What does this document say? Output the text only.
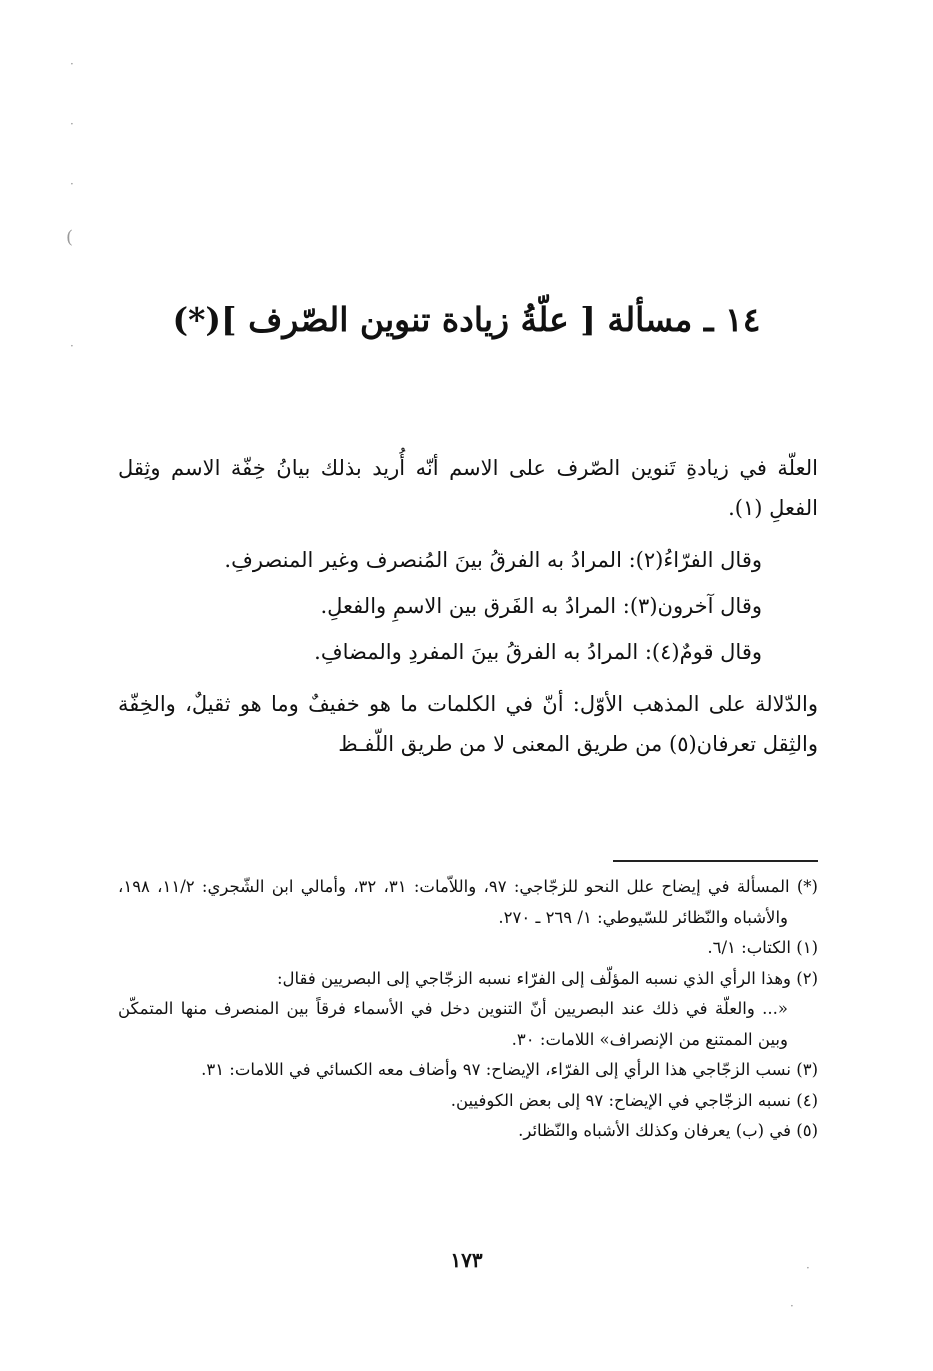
·
·
·
)
·
·
·
١٤ ـ مسألة [ علّةُ زيادة تنوين الصّرف ](*)

العلّة في زيادةِ تَنوين الصّرف على الاسم أنّه أُريد بذلك بيانُ خِفّة الاسم وثِقل الفعلِ (١).

وقال الفرّاءُ(٢): المرادُ به الفرقُ بينَ المُنصرف وغير المنصرفِ.

وقال آخرون(٣): المرادُ به الفَرق بين الاسمِ والفعلِ.

وقال قومٌ(٤): المرادُ به الفرقُ بينَ المفردِ والمضافِ.

والدّلالة على المذهب الأوّل: أنّ في الكلمات ما هو خفيفٌ وما هو ثقيلٌ، والخِفّة والثِقل تعرفان(٥) من طريق المعنى لا من طريق اللّفـظ

(*) المسألة في إيضاح علل النحو للزجّاجي: ٩٧، واللاّمات: ٣١، ٣٢، وأمالي ابن الشّجري: ١١/٢، ١٩٨، والأشباه والنّظائر للسّيوطي: ١/ ٢٦٩ ـ ٢٧٠.

(١) الكتاب: ٦/١.

(٢) وهذا الرأي الذي نسبه المؤلّف إلى الفرّاء نسبه الزجّاجي إلى البصريين فقال:

«... والعلّة في ذلك عند البصريين أنّ التنوين دخل في الأسماء فرقاً بين المنصرف منها المتمكّن وبين الممتنع من الإنصراف» اللامات: ٣٠.

(٣) نسب الزجّاجي هذا الرأي إلى الفرّاء، الإيضاح: ٩٧ وأضاف معه الكسائي في اللامات: ٣١.

(٤) نسبه الزجّاجي في الإيضاح: ٩٧ إلى بعض الكوفيين.

(٥) في (ب) يعرفان وكذلك الأشباه والنّظائر.

١٧٣
